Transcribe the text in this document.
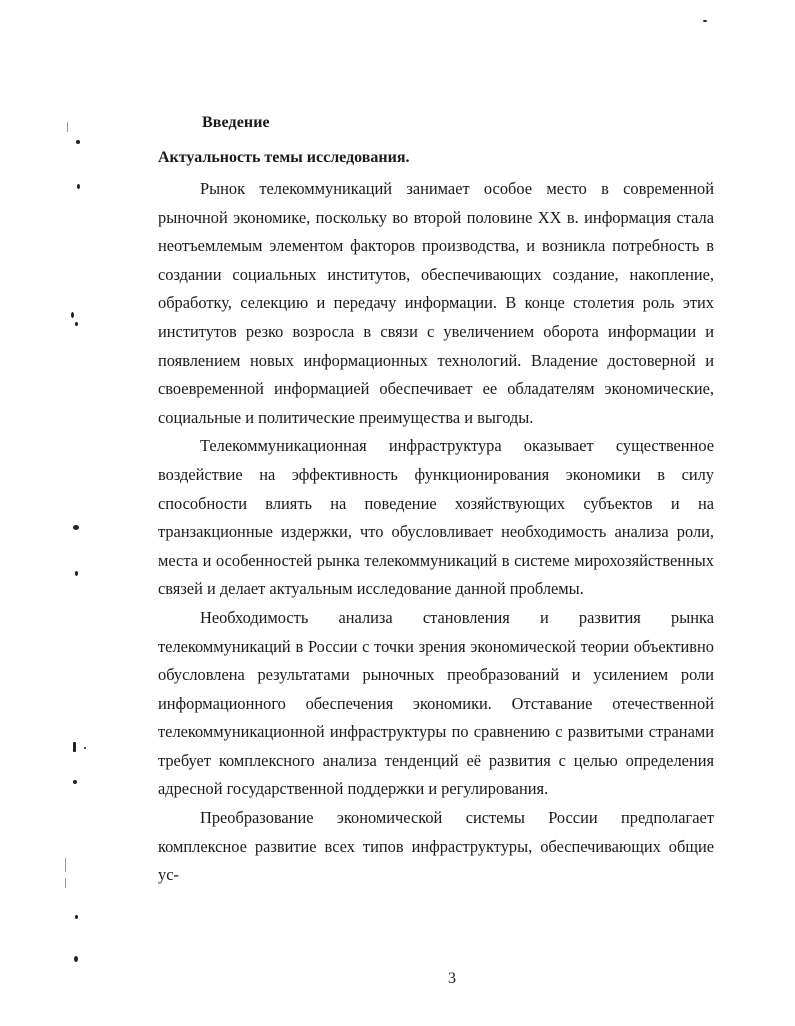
Введение
Актуальность темы исследования.

Рынок телекоммуникаций занимает особое место в современной рыночной экономике, поскольку во второй половине XX в. информация стала неотъемлемым элементом факторов производства, и возникла потребность в создании социальных институтов, обеспечивающих создание, накопление, обработку, селекцию и передачу информации. В конце столетия роль этих институтов резко возросла в связи с увеличением оборота информации и появлением новых информационных технологий. Владение достоверной и своевременной информацией обеспечивает ее обладателям экономические, социальные и политические преимущества и выгоды.

Телекоммуникационная инфраструктура оказывает существенное воздействие на эффективность функционирования экономики в силу способности влиять на поведение хозяйствующих субъектов и на транзакционные издержки, что обусловливает необходимость анализа роли, места и особенностей рынка телекоммуникаций в системе мирохозяйственных связей и делает актуальным исследование данной проблемы.

Необходимость анализа становления и развития рынка телекоммуникаций в России с точки зрения экономической теории объективно обусловлена результатами рыночных преобразований и усилением роли информационного обеспечения экономики. Отставание отечественной телекоммуникационной инфраструктуры по сравнению с развитыми странами требует комплексного анализа тенденций её развития с целью определения адресной государственной поддержки и регулирования.

Преобразование экономической системы России предполагает комплексное развитие всех типов инфраструктуры, обеспечивающих общие ус-

3
